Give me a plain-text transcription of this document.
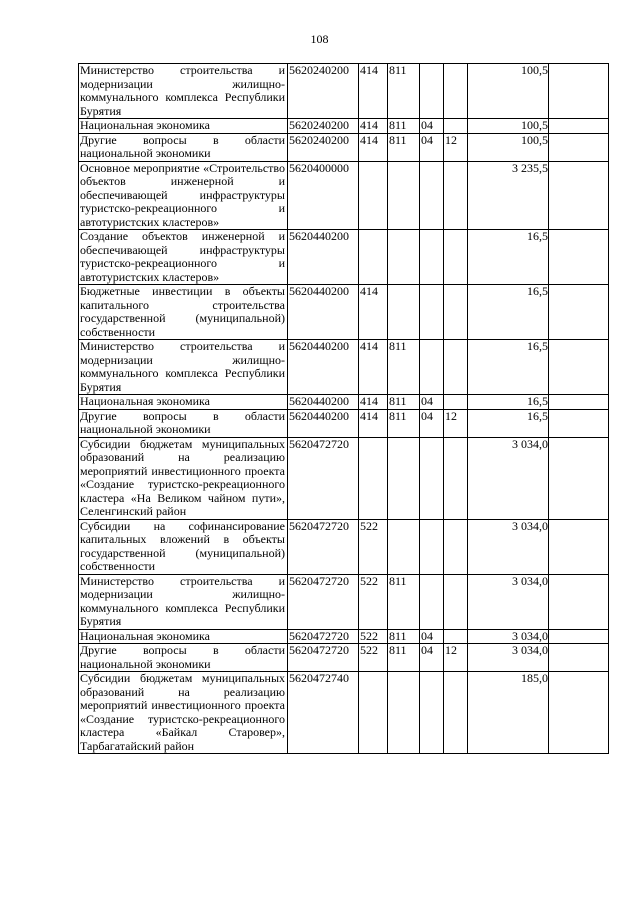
108
Министерство строительства и модернизации жилищно-коммунального комплекса Республики Бурятия	5620240200	414	811			100,5	
Национальная экономика	5620240200	414	811	04		100,5	
Другие вопросы в области национальной экономики	5620240200	414	811	04	12	100,5	
Основное мероприятие «Строительство объектов инженерной и обеспечивающей инфраструктуры туристско-рекреационного и автотуристских кластеров»	5620400000					3 235,5	
Создание объектов инженерной и обеспечивающей инфраструктуры туристско-рекреационного и автотуристских кластеров»	5620440200					16,5	
Бюджетные инвестиции в объекты капитального строительства государственной (муниципальной) собственности	5620440200	414				16,5	
Министерство строительства и модернизации жилищно-коммунального комплекса Республики Бурятия	5620440200	414	811			16,5	
Национальная экономика	5620440200	414	811	04		16,5	
Другие вопросы в области национальной экономики	5620440200	414	811	04	12	16,5	
Субсидии бюджетам муниципальных образований на реализацию мероприятий инвестиционного проекта «Создание туристско-рекреационного кластера «На Великом чайном пути», Селенгинский район	5620472720					3 034,0	
Субсидии на софинансирование капитальных вложений в объекты государственной (муниципальной) собственности	5620472720	522				3 034,0	
Министерство строительства и модернизации жилищно-коммунального комплекса Республики Бурятия	5620472720	522	811			3 034,0	
Национальная экономика	5620472720	522	811	04		3 034,0	
Другие вопросы в области национальной экономики	5620472720	522	811	04	12	3 034,0	
Субсидии бюджетам муниципальных образований на реализацию мероприятий инвестиционного проекта «Создание туристско-рекреационного кластера «Байкал Старовер», Тарбагатайский район	5620472740					185,0	
